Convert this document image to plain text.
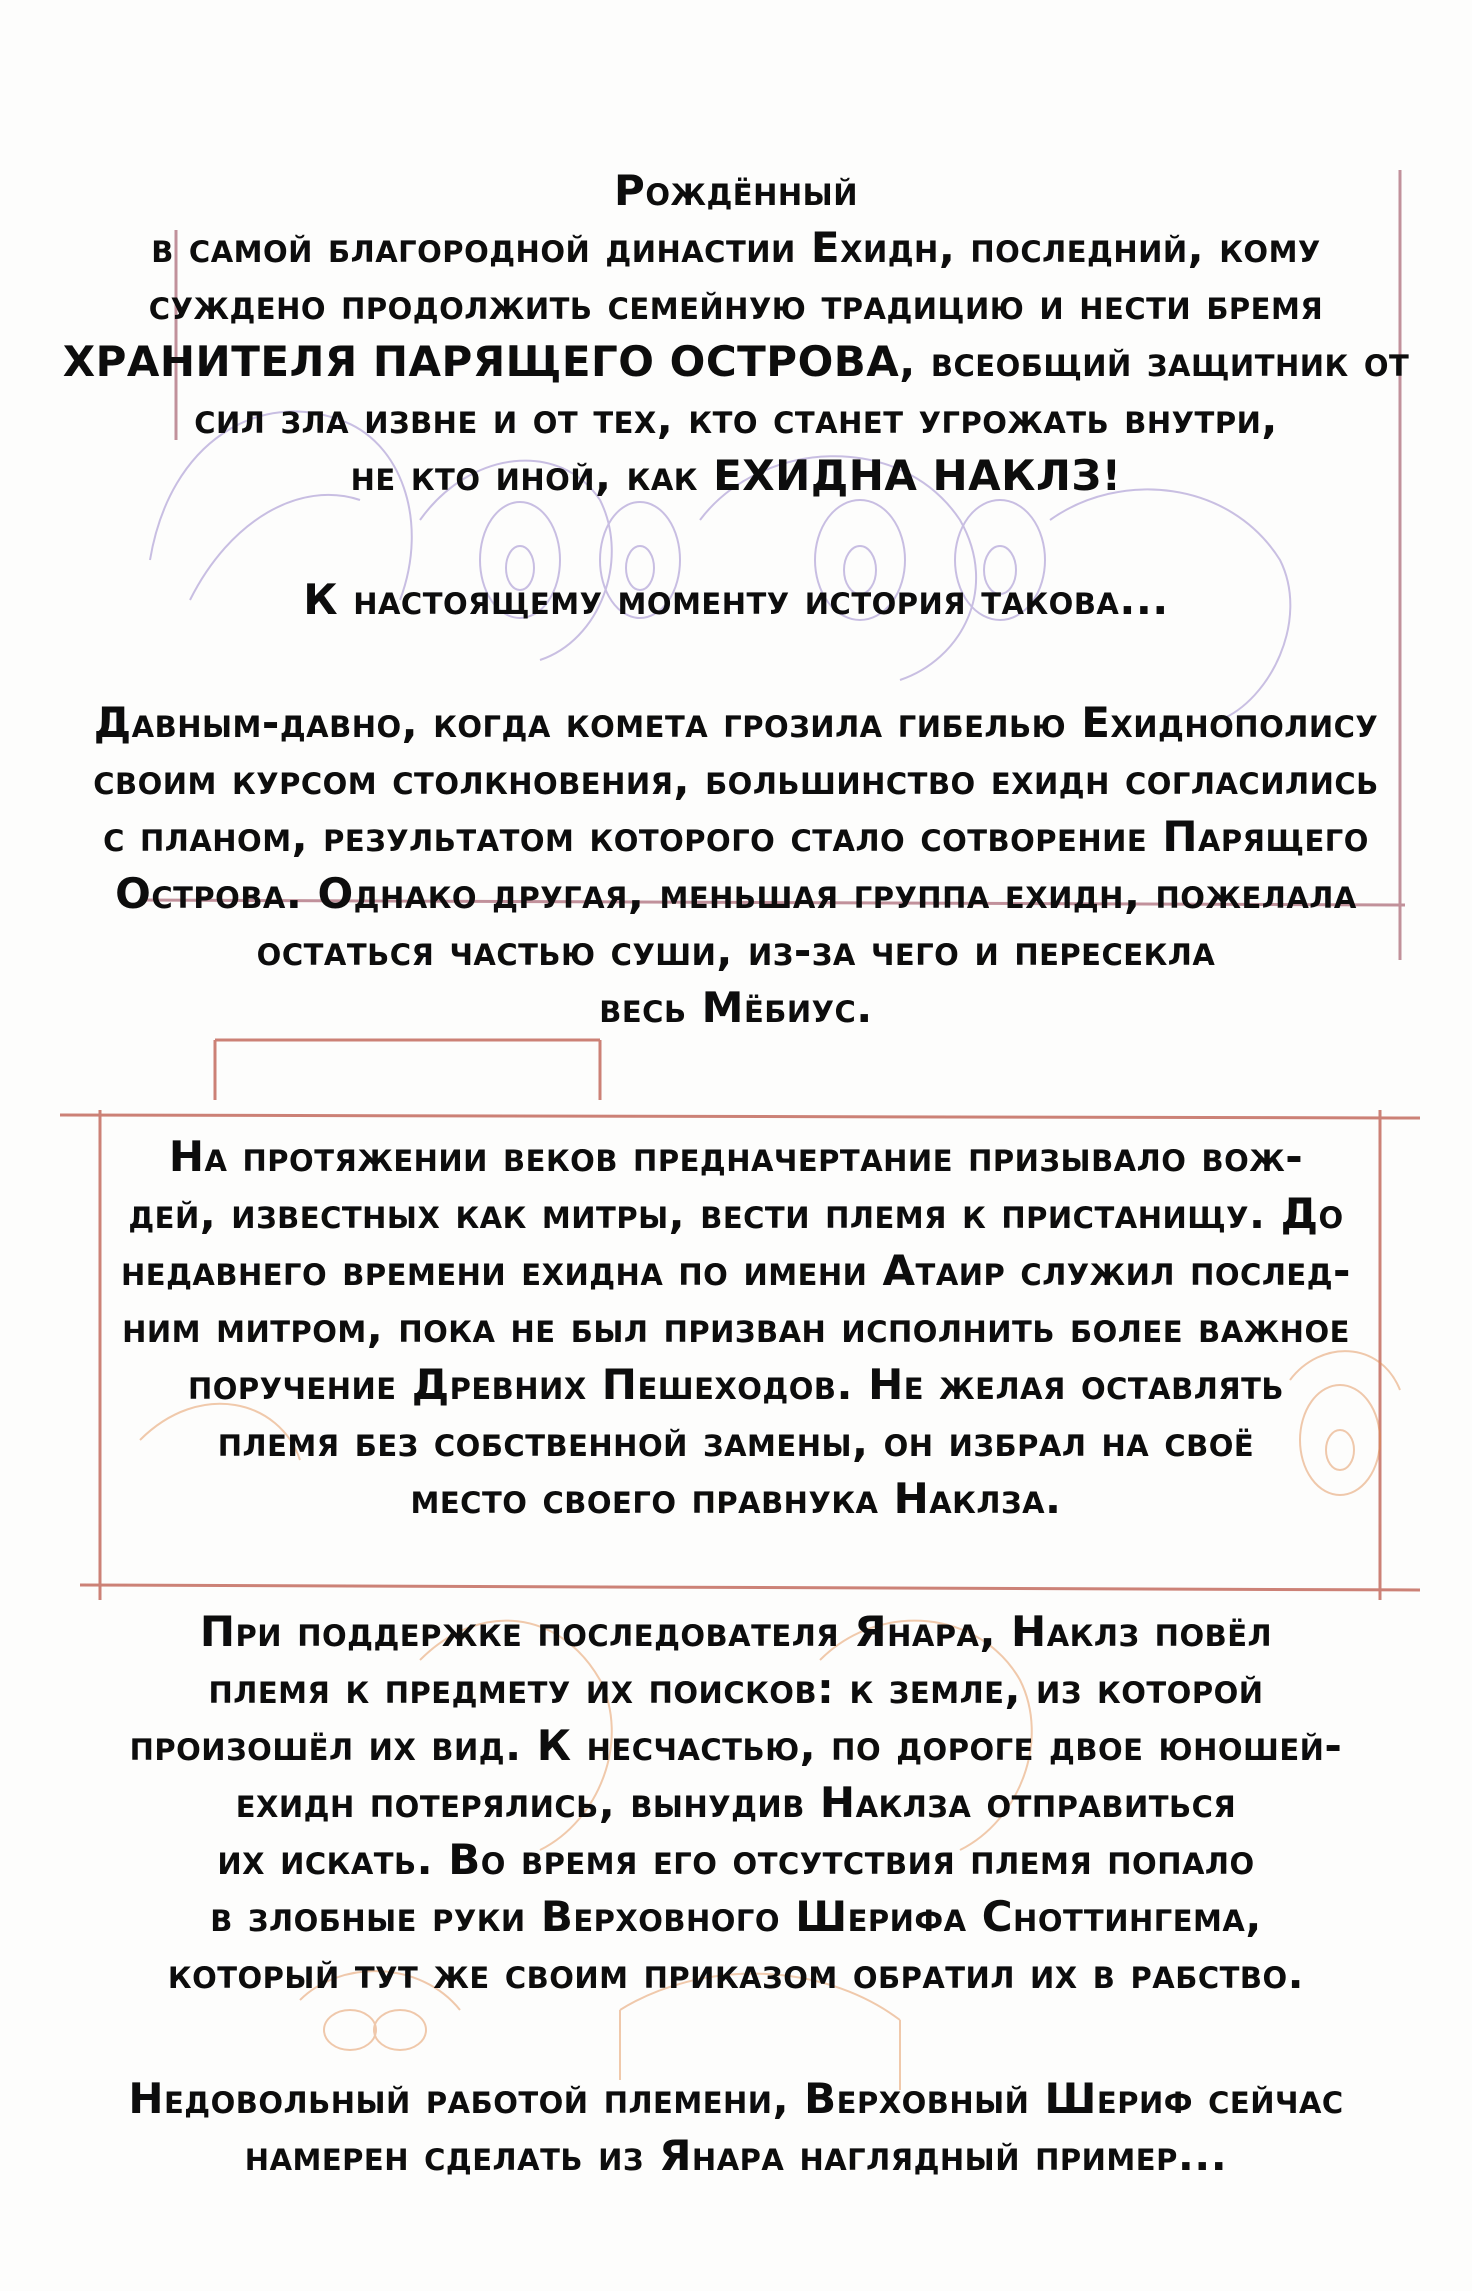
Рождённый
в самой благородной династии Ехидн, последний, кому
суждено продолжить семейную традицию и нести бремя
ХРАНИТЕЛЯ ПАРЯЩЕГО ОСТРОВА, всеобщий защитник от
сил зла извне и от тех, кто станет угрожать внутри,
не кто иной, как ЕХИДНА НАКЛЗ!
К настоящему моменту история такова...
Давным-давно, когда комета грозила гибелью Ехиднополису
своим курсом столкновения, большинство ехидн согласились
с планом, результатом которого стало сотворение Парящего
Острова. Однако другая, меньшая группа ехидн, пожелала
остаться частью суши, из-за чего и пересекла
весь Мёбиус.
На протяжении веков предначертание призывало вож-
дей, известных как митры, вести племя к пристанищу. До
недавнего времени ехидна по имени Атаир служил послед-
ним митром, пока не был призван исполнить более важное
поручение Древних Пешеходов. Не желая оставлять
племя без собственной замены, он избрал на своё
место своего правнука Наклза.
При поддержке последователя Янара, Наклз повёл
племя к предмету их поисков: к земле, из которой
произошёл их вид. К несчастью, по дороге двое юношей-
ехидн потерялись, вынудив Наклза отправиться
их искать. Во время его отсутствия племя попало
в злобные руки Верховного Шерифа Снottингема,
который тут же своим приказом обратил их в рабство.
Недовольный работой племени, Верховный Шериф сейчас
намерен сделать из Янара наглядный пример...
